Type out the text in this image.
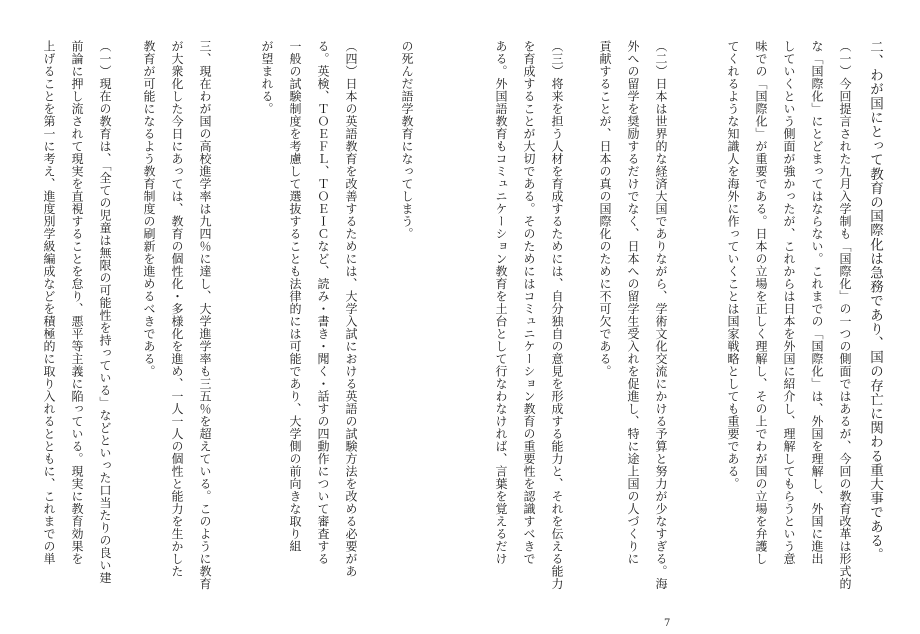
二、わが国にとって教育の国際化は急務であり、国の存亡に関わる重大事である。
（一）今回提言された九月入学制も「国際化」の一つの側面ではあるが、今回の教育改革は形式的
な「国際化」にとどまってはならない。これまでの「国際化」は、外国を理解し、外国に進出
していくという側面が強かったが、これからは日本を外国に紹介し、理解してもらうという意
味での「国際化」が重要である。日本の立場を正しく理解し、その上でわが国の立場を弁護し
てくれるような知識人を海外に作っていくことは国家戦略としても重要である。
（二）日本は世界的な経済大国でありながら、学術文化交流にかける予算と努力が少なすぎる。海
外への留学を奨励するだけでなく、日本への留学生受入れを促進し、特に途上国の人づくりに
貢献することが、日本の真の国際化のために不可欠である。
（三）将来を担う人材を育成するためには、自分独自の意見を形成する能力と、それを伝える能力
を育成することが大切である。そのためにはコミュニケーション教育の重要性を認識すべきで
ある。外国語教育もコミュニケーション教育を土台として行なわなければ、言葉を覚えるだけ
の死んだ語学教育になってしまう。
（四）日本の英語教育を改善するためには、大学入試における英語の試験方法を改める必要があ
る。英検、ＴＯＥＦＬ、ＴＯＥＩＣなど、読み・書き・聞く・話すの四動作について審査する
一般の試験制度を考慮して選抜することも法律的には可能であり、大学側の前向きな取り組
が望まれる。
三、現在わが国の高校進学率は九四％に達し、大学進学率も三五％を超えている。このように教育
が大衆化した今日にあっては、教育の個性化・多様化を進め、一人一人の個性と能力を生かした
教育が可能になるよう教育制度の刷新を進めるべきである。
（一）現在の教育は、「全ての児童は無限の可能性を持っている」などといった口当たりの良い建
前論に押し流されて現実を直視することを怠り、悪平等主義に陥っている。現実に教育効果を
上げることを第一に考え、進度別学級編成などを積極的に取り入れるとともに、これまでの単
7
